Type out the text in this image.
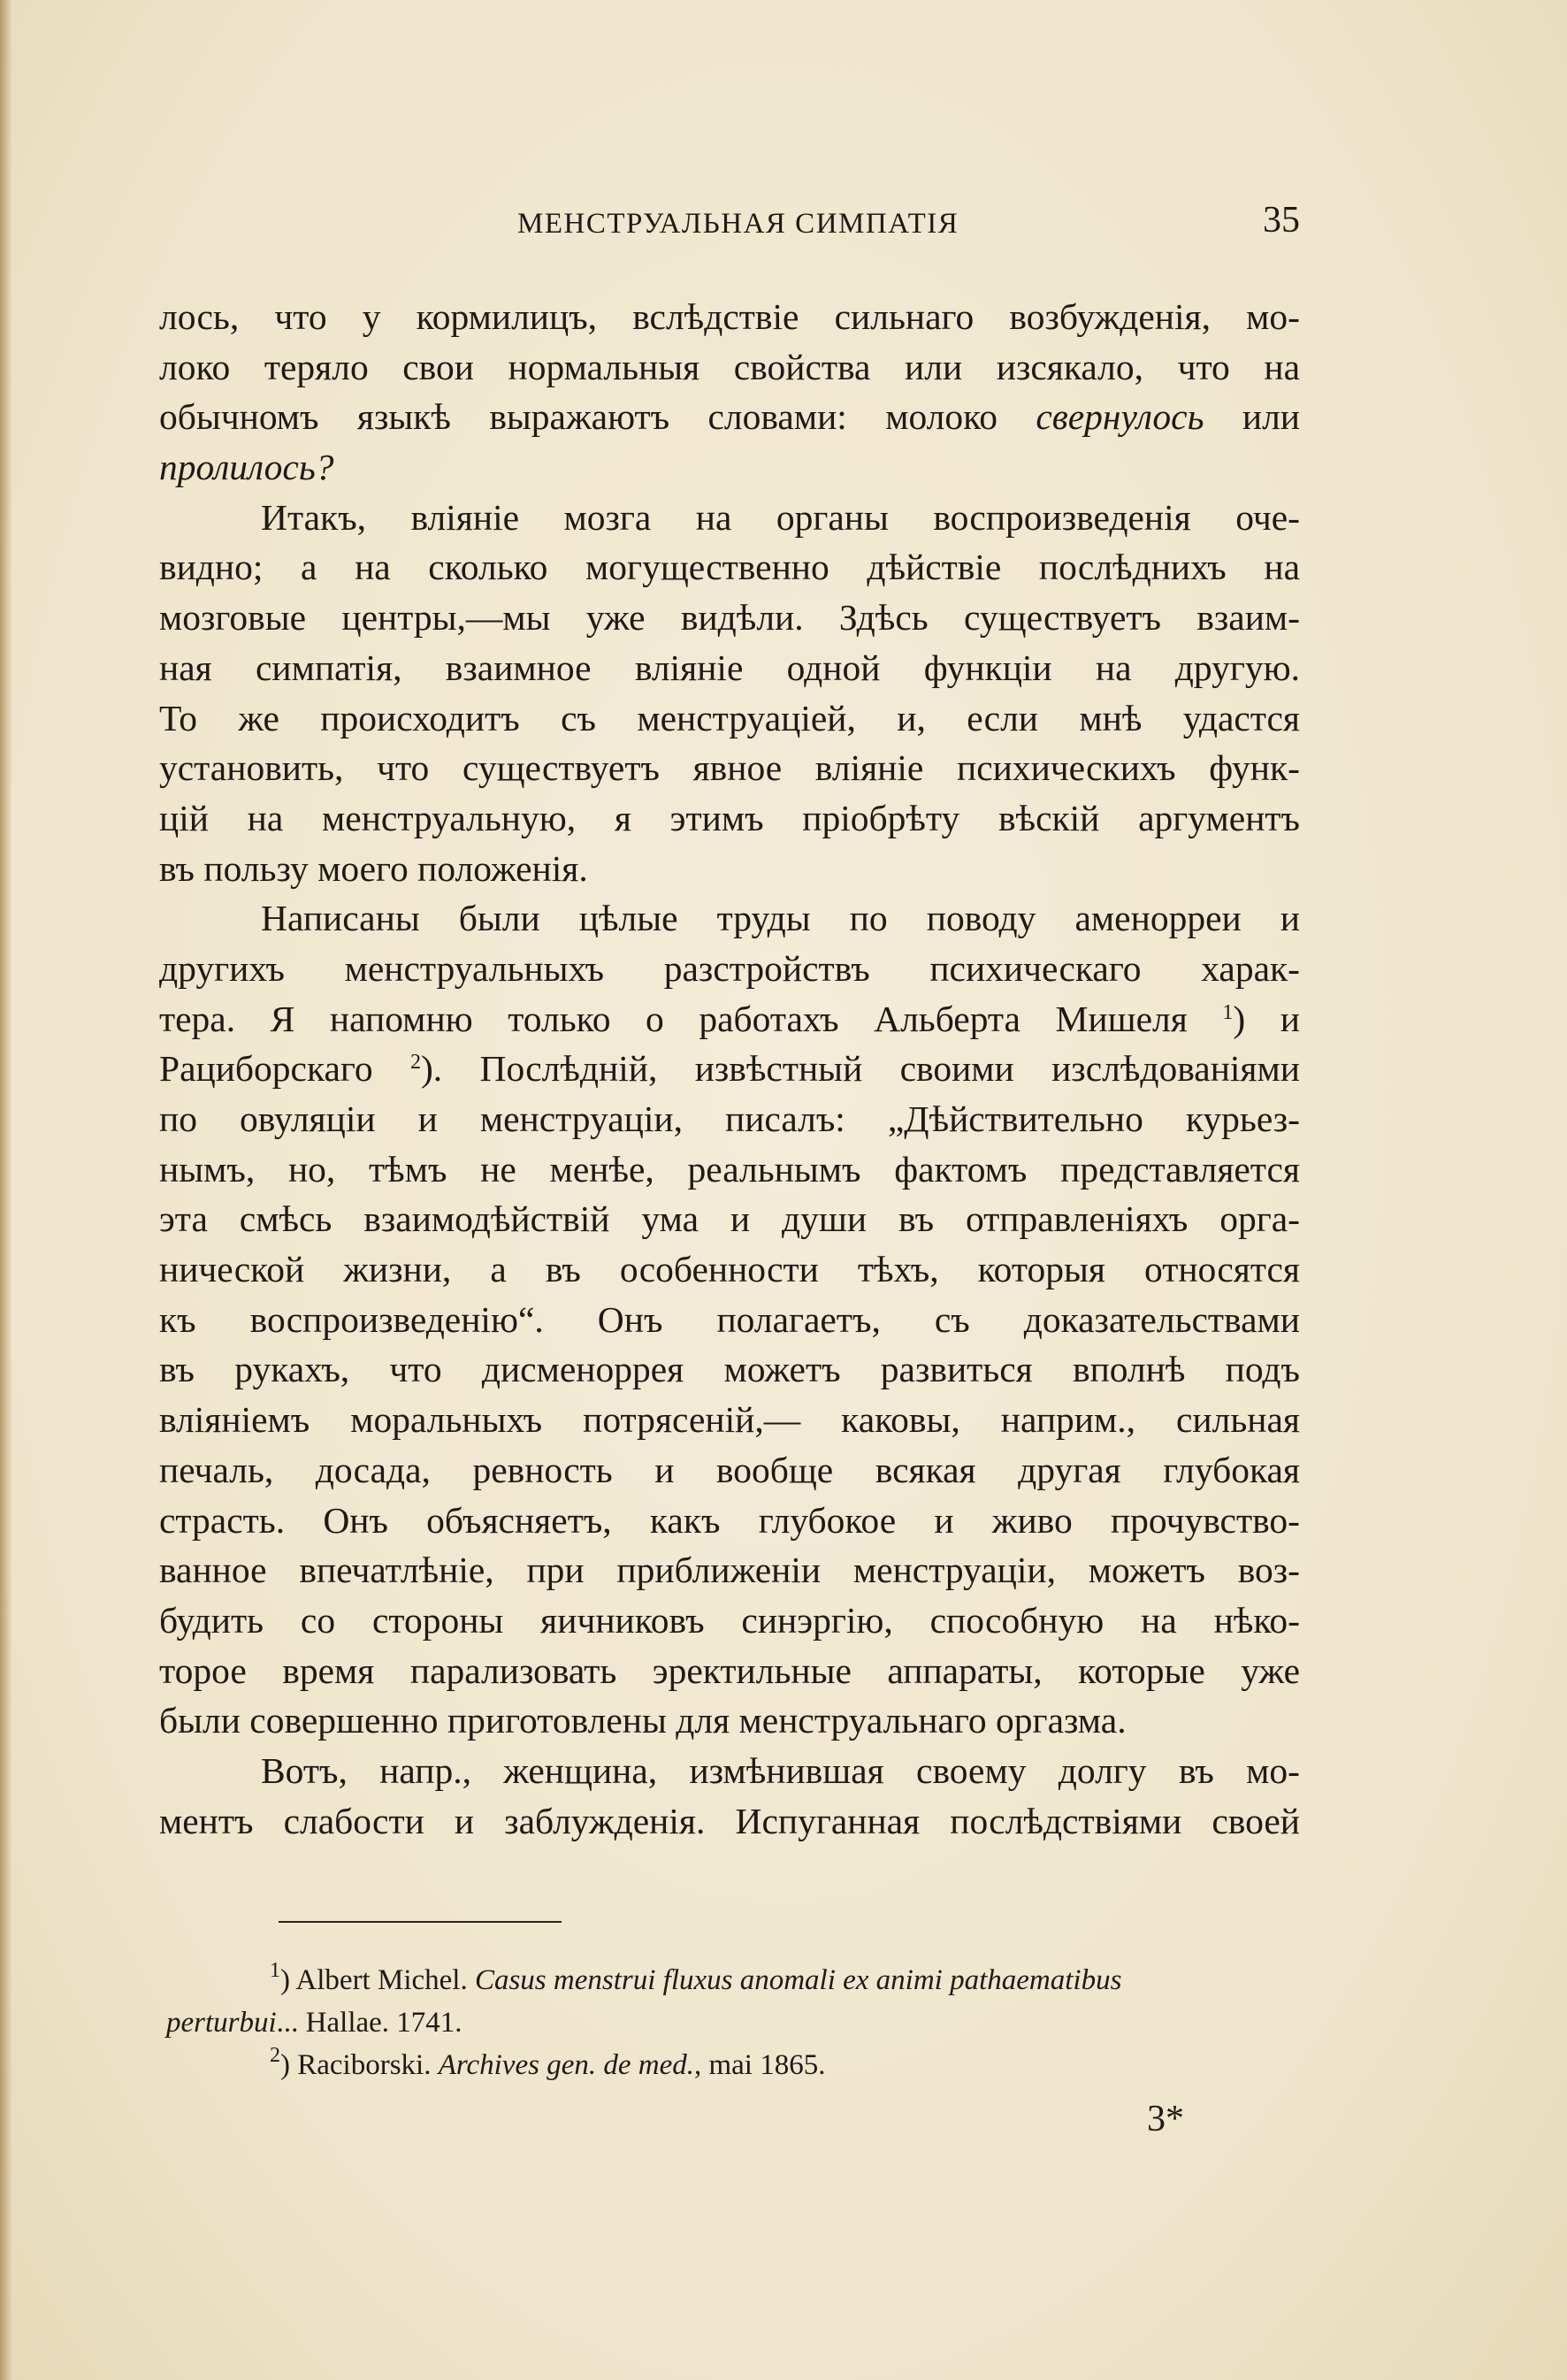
МЕНСТРУАЛЬНАЯ СИМПАТІЯ	35
лось, что у кормилицъ, вслѣдствіе сильнаго возбужденія, мо-
локо теряло свои нормальныя свойства или изсякало, что на
обычномъ языкѣ выражаютъ словами: молоко свернулось или
пролилось?
Итакъ, вліяніе мозга на органы воспроизведенія оче-
видно; а на сколько могущественно дѣйствіе послѣднихъ на
мозговые центры,—мы уже видѣли. Здѣсь существуетъ взаим-
ная симпатія, взаимное вліяніе одной функціи на другую.
То же происходитъ съ менструаціей, и, если мнѣ удастся
установить, что существуетъ явное вліяніе психическихъ функ-
цій на менструальную, я этимъ пріобрѣту вѣскій аргументъ
въ пользу моего положенія.
Написаны были цѣлые труды по поводу аменорреи и
другихъ менструальныхъ разстройствъ психическаго харак-
тера. Я напомню только о работахъ Альберта Мишеля $^1$) и
Рациборскаго $^2$). Послѣдній, извѣстный своими изслѣдованіями
по овуляціи и менструаціи, писалъ: „Дѣйствительно курьез-
нымъ, но, тѣмъ не менѣе, реальнымъ фактомъ представляется
эта смѣсь взаимодѣйствій ума и души въ отправленіяхъ орга-
нической жизни, а въ особенности тѣхъ, которыя относятся
къ воспроизведенію“. Онъ полагаетъ, съ доказательствами
въ рукахъ, что дисменоррея можетъ развиться вполнѣ подъ
вліяніемъ моральныхъ потрясеній,— каковы, наприм., сильная
печаль, досада, ревность и вообще всякая другая глубокая
страсть. Онъ объясняетъ, какъ глубокое и живо прочувство-
ванное впечатлѣніе, при приближеніи менструаціи, можетъ воз-
будить со стороны яичниковъ синэргію, способную на нѣко-
торое время парализовать эректильные аппараты, которые уже
были совершенно приготовлены для менструальнаго оргазма.
Вотъ, напр., женщина, измѣнившая своему долгу въ мо-
ментъ слабости и заблужденія. Испуганная послѣдствіями своей
$^1$) Albert Michel. Casus menstrui fluxus anomali ex animi pathaematibus
perturbui... Hallae. 1741.
$^2$) Raciborski. Archives gen. de med., mai 1865.
3*
